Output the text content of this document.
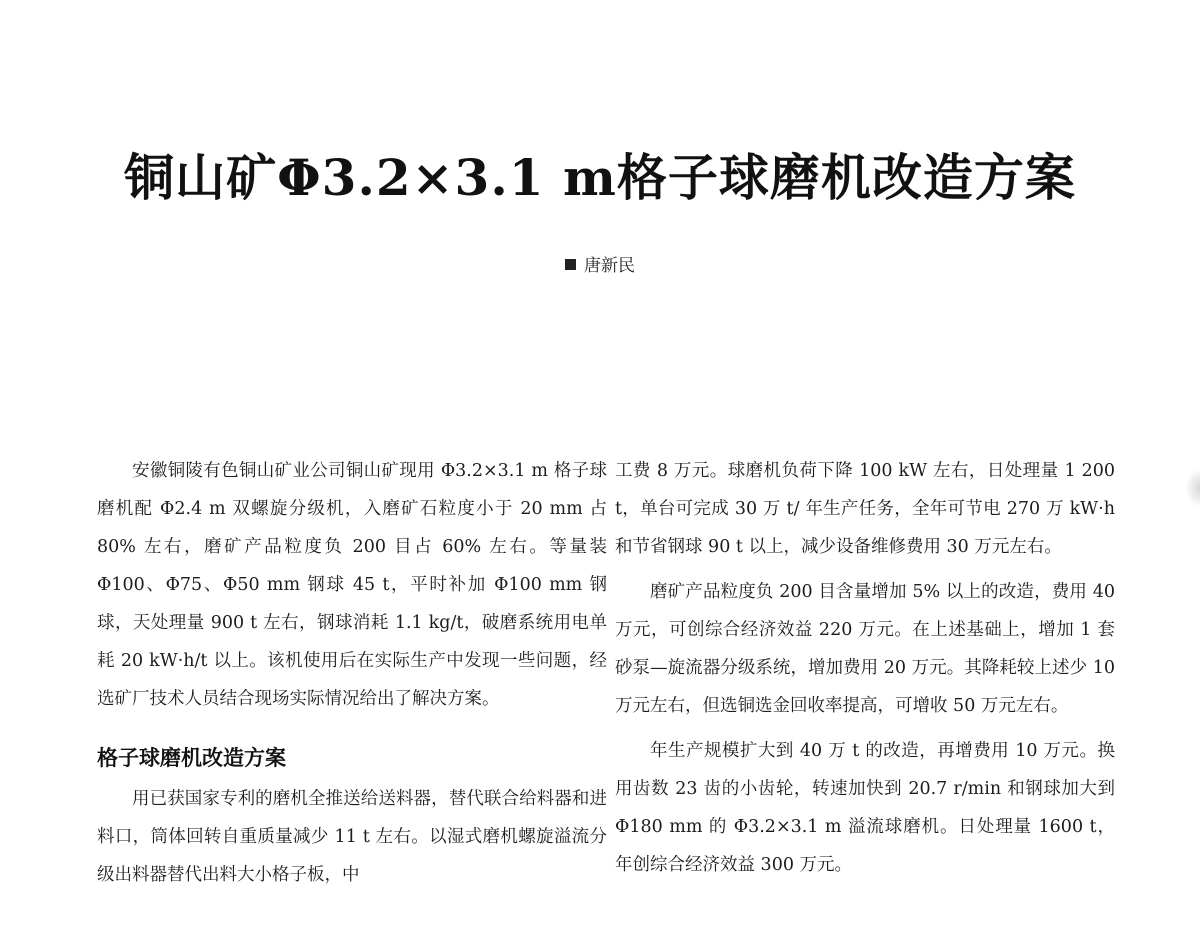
铜山矿Φ3.2×3.1 m格子球磨机改造方案
唐新民

安徽铜陵有色铜山矿业公司铜山矿现用 Φ3.2×3.1 m 格子球磨机配 Φ2.4 m 双螺旋分级机，入磨矿石粒度小于 20 mm 占 80% 左右，磨矿产品粒度负 200 目占 60% 左右。等量装 Φ100、Φ75、Φ50 mm 钢球 45 t，平时补加 Φ100 mm 钢球，天处理量 900 t 左右，钢球消耗 1.1 kg/t，破磨系统用电单耗 20 kW·h/t 以上。该机使用后在实际生产中发现一些问题，经选矿厂技术人员结合现场实际情况给出了解决方案。

格子球磨机改造方案

用已获国家专利的磨机全推送给送料器，替代联合给料器和进料口，筒体回转自重质量减少 11 t 左右。以湿式磨机螺旋溢流分级出料器替代出料大小格子板，中

工费 8 万元。球磨机负荷下降 100 kW 左右，日处理量 1 200 t，单台可完成 30 万 t/ 年生产任务，全年可节电 270 万 kW·h 和节省钢球 90 t 以上，减少设备维修费用 30 万元左右。

磨矿产品粒度负 200 目含量增加 5% 以上的改造，费用 40 万元，可创综合经济效益 220 万元。在上述基础上，增加 1 套砂泵—旋流器分级系统，增加费用 20 万元。其降耗较上述少 10 万元左右，但选铜选金回收率提高，可增收 50 万元左右。

年生产规模扩大到 40 万 t 的改造，再增费用 10 万元。换用齿数 23 齿的小齿轮，转速加快到 20.7 r/min 和钢球加大到 Φ180 mm 的 Φ3.2×3.1 m 溢流球磨机。日处理量 1600 t，年创综合经济效益 300 万元。
